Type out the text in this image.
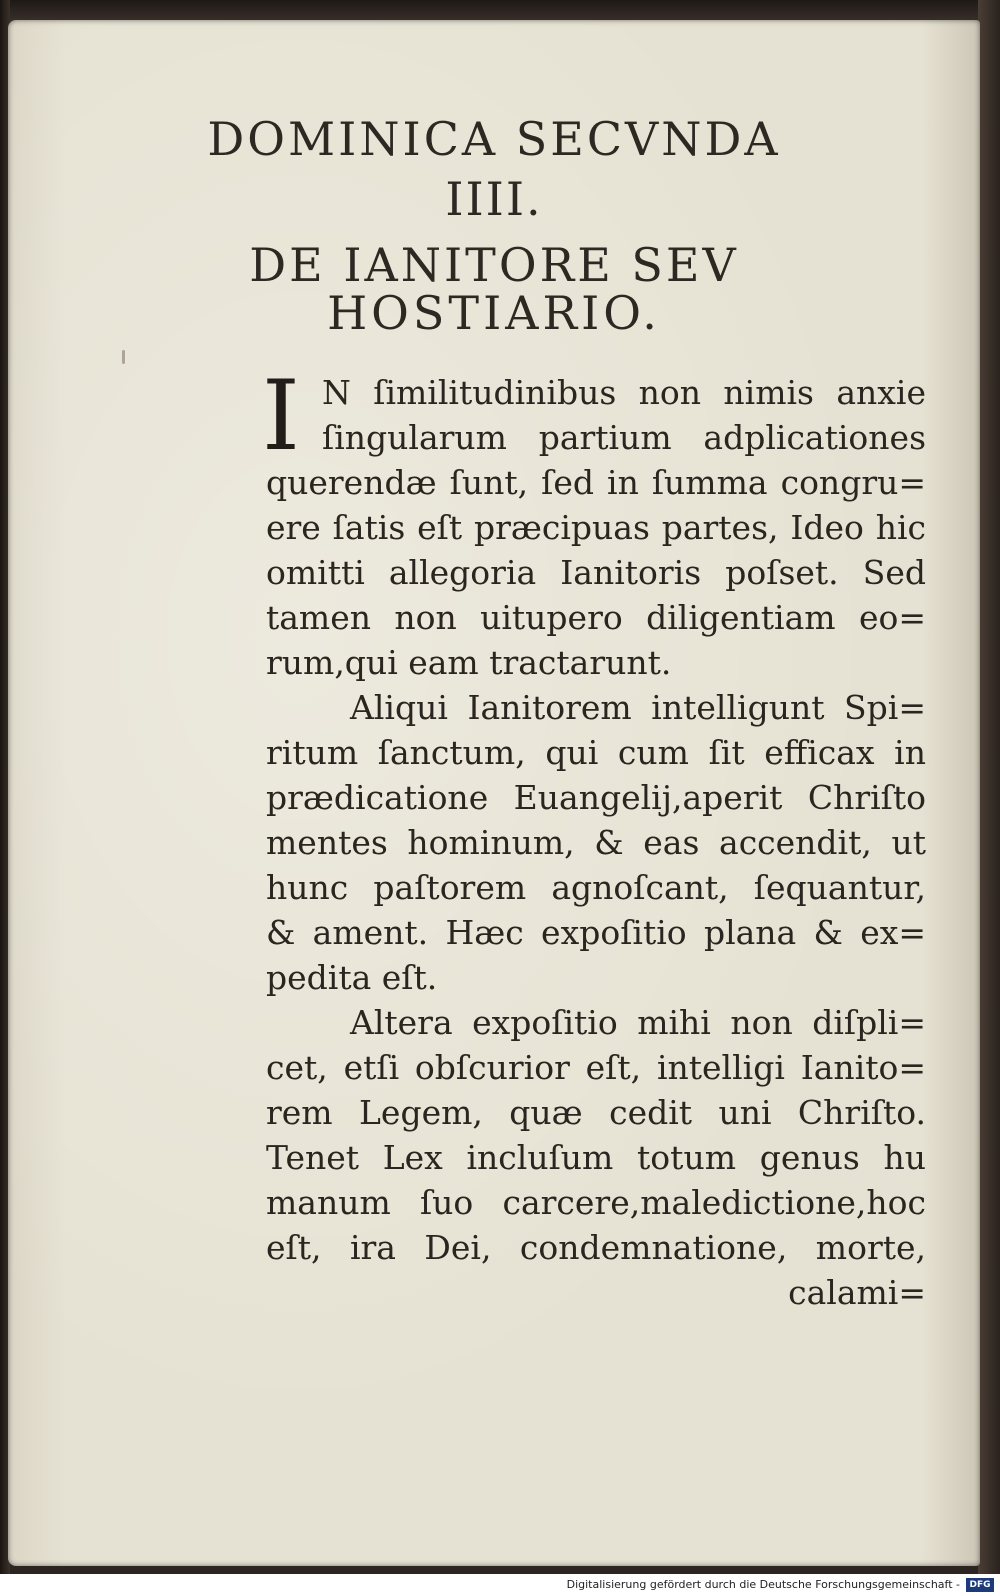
DOMINICA SECVNDA
IIII.
DE IANITORE SEV
HOSTIARIO.
I N ſimilitudinibus non nimis anxie
ſingularum partium adplicationes
querendæ ſunt, ſed in ſumma congru=
ere ſatis eſt præcipuas partes, Ideo hic
omitti allegoria Ianitoris poſset. Sed
tamen non uitupero diligentiam eo=
rum,qui eam tractarunt.
Aliqui Ianitorem intelligunt Spi=
ritum ſanctum, qui cum ſit efficax in
prædicatione Euangelij,aperit Chriſto
mentes hominum, & eas accendit, ut
hunc paſtorem agnoſcant, ſequantur,
& ament. Hæc expoſitio plana & ex=
pedita eſt.
Altera expoſitio mihi non diſpli=
cet, etſi obſcurior eſt, intelligi Ianito=
rem Legem, quæ cedit uni Chriſto.
Tenet Lex incluſum totum genus hu
manum ſuo carcere,maledictione,hoc
eſt, ira Dei, condemnatione, morte,
calami=
Digitalisierung gefördert durch die Deutsche Forschungsgemeinschaft -	DFG
